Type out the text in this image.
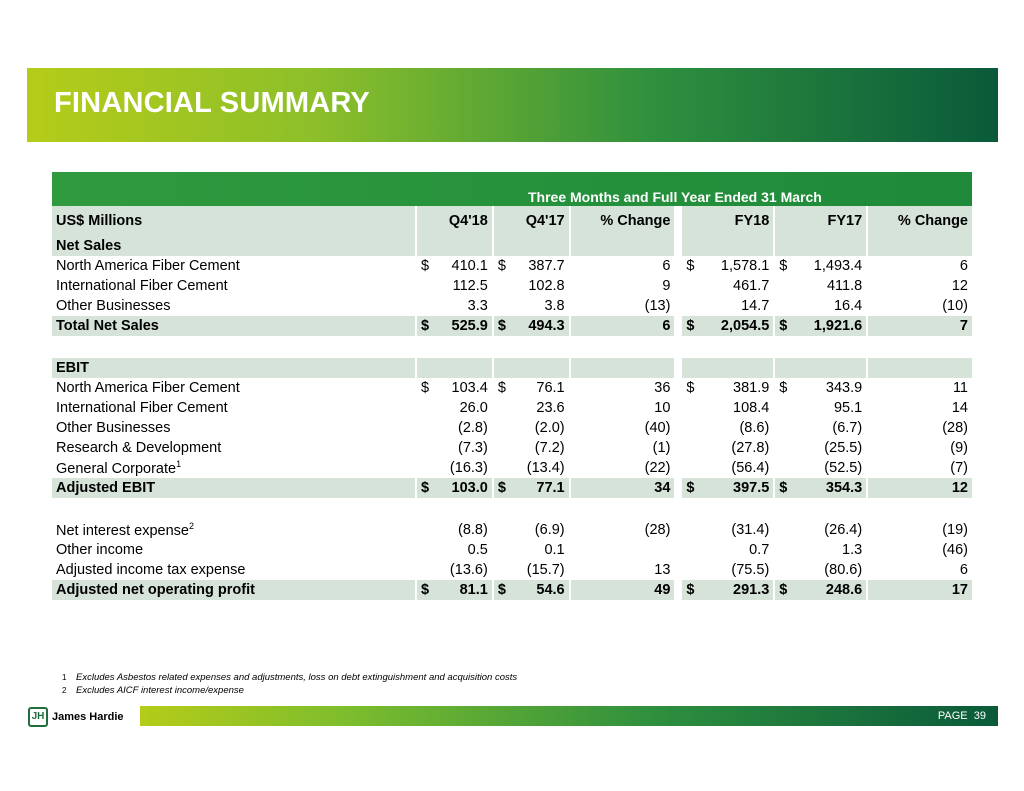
FINANCIAL SUMMARY
Three Months and Full Year Ended 31 March
US$ Millions	Q4'18	Q4'17	% Change		FY18	FY17	% Change
Net Sales							
North America Fiber Cement	$ 410.1	$ 387.7	6		$ 1,578.1	$ 1,493.4	6
International Fiber Cement	112.5	102.8	9		461.7	411.8	12
Other Businesses	3.3	3.8	(13)		14.7	16.4	(10)
Total Net Sales	$ 525.9	$ 494.3	6		$ 2,054.5	$ 1,921.6	7

EBIT							
North America Fiber Cement	$ 103.4	$ 76.1	36		$ 381.9	$ 343.9	11
International Fiber Cement	26.0	23.6	10		108.4	95.1	14
Other Businesses	(2.8)	(2.0)	(40)		(8.6)	(6.7)	(28)
Research & Development	(7.3)	(7.2)	(1)		(27.8)	(25.5)	(9)
General Corporate$^1$	(16.3)	(13.4)	(22)		(56.4)	(52.5)	(7)
Adjusted EBIT	$ 103.0	$ 77.1	34		$ 397.5	$ 354.3	12

Net interest expense$^2$	(8.8)	(6.9)	(28)		(31.4)	(26.4)	(19)
Other income	0.5	0.1			0.7	1.3	(46)
Adjusted income tax expense	(13.6)	(15.7)	13		(75.5)	(80.6)	6
Adjusted net operating profit	$ 81.1	$ 54.6	49		$ 291.3	$ 248.6	17
1 Excludes Asbestos related expenses and adjustments, loss on debt extinguishment and acquisition costs
2 Excludes AICF interest income/expense
JH James Hardie	PAGE 39
